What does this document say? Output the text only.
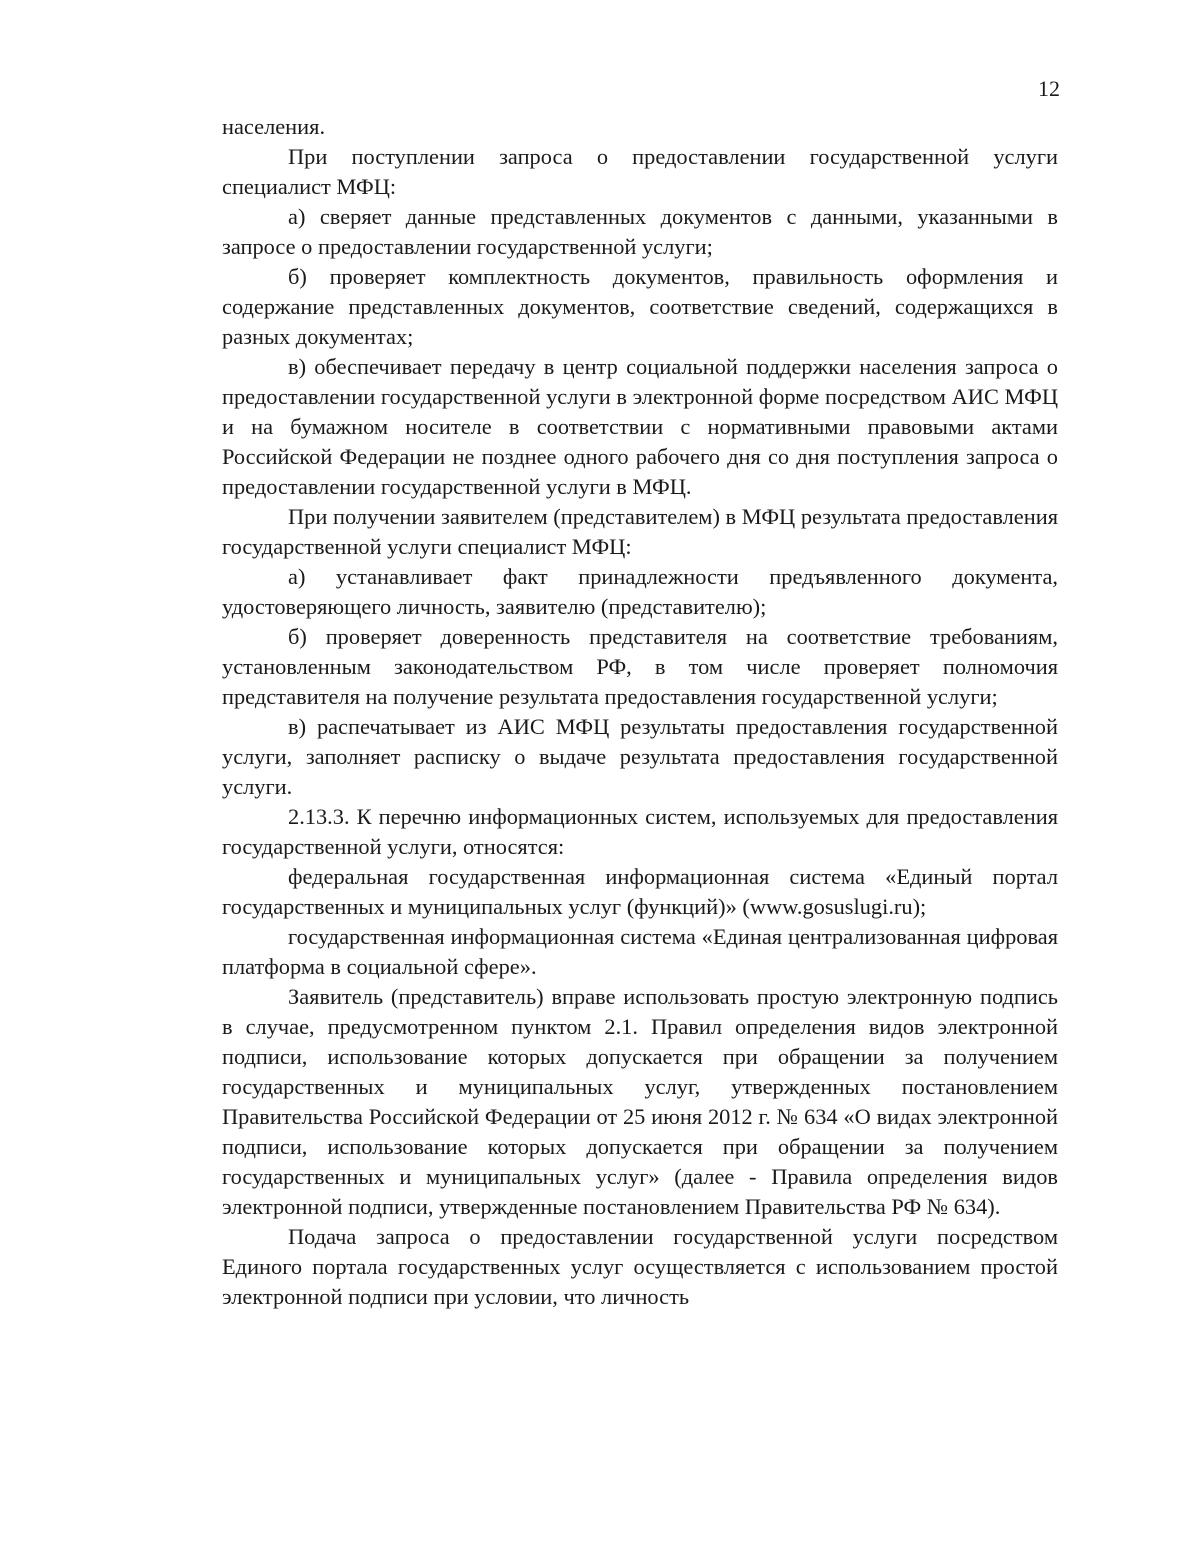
12

населения.

При поступлении запроса о предоставлении государственной услуги специалист МФЦ:

а) сверяет данные представленных документов с данными, указанными в запросе о предоставлении государственной услуги;

б) проверяет комплектность документов, правильность оформления и содержание представленных документов, соответствие сведений, содержащихся в разных документах;

в) обеспечивает передачу в центр социальной поддержки населения запроса о предоставлении государственной услуги в электронной форме посредством АИС МФЦ и на бумажном носителе в соответствии с нормативными правовыми актами Российской Федерации не позднее одного рабочего дня со дня поступления запроса о предоставлении государственной услуги в МФЦ.

При получении заявителем (представителем) в МФЦ результата предоставления государственной услуги специалист МФЦ:

а) устанавливает факт принадлежности предъявленного документа, удостоверяющего личность, заявителю (представителю);

б) проверяет доверенность представителя на соответствие требованиям, установленным законодательством РФ, в том числе проверяет полномочия представителя на получение результата предоставления государственной услуги;

в) распечатывает из АИС МФЦ результаты предоставления государственной услуги, заполняет расписку о выдаче результата предоставления государственной услуги.

2.13.3. К перечню информационных систем, используемых для предоставления государственной услуги, относятся:

федеральная государственная информационная система «Единый портал государственных и муниципальных услуг (функций)» (www.gosuslugi.ru);

государственная информационная система «Единая централизованная цифровая платформа в социальной сфере».

Заявитель (представитель) вправе использовать простую электронную подпись в случае, предусмотренном пунктом 2.1. Правил определения видов электронной подписи, использование которых допускается при обращении за получением государственных и муниципальных услуг, утвержденных постановлением Правительства Российской Федерации от 25 июня 2012 г. № 634 «О видах электронной подписи, использование которых допускается при обращении за получением государственных и муниципальных услуг» (далее - Правила определения видов электронной подписи, утвержденные постановлением Правительства РФ № 634).

Подача запроса о предоставлении государственной услуги посредством Единого портала государственных услуг осуществляется с использованием простой электронной подписи при условии, что личность
